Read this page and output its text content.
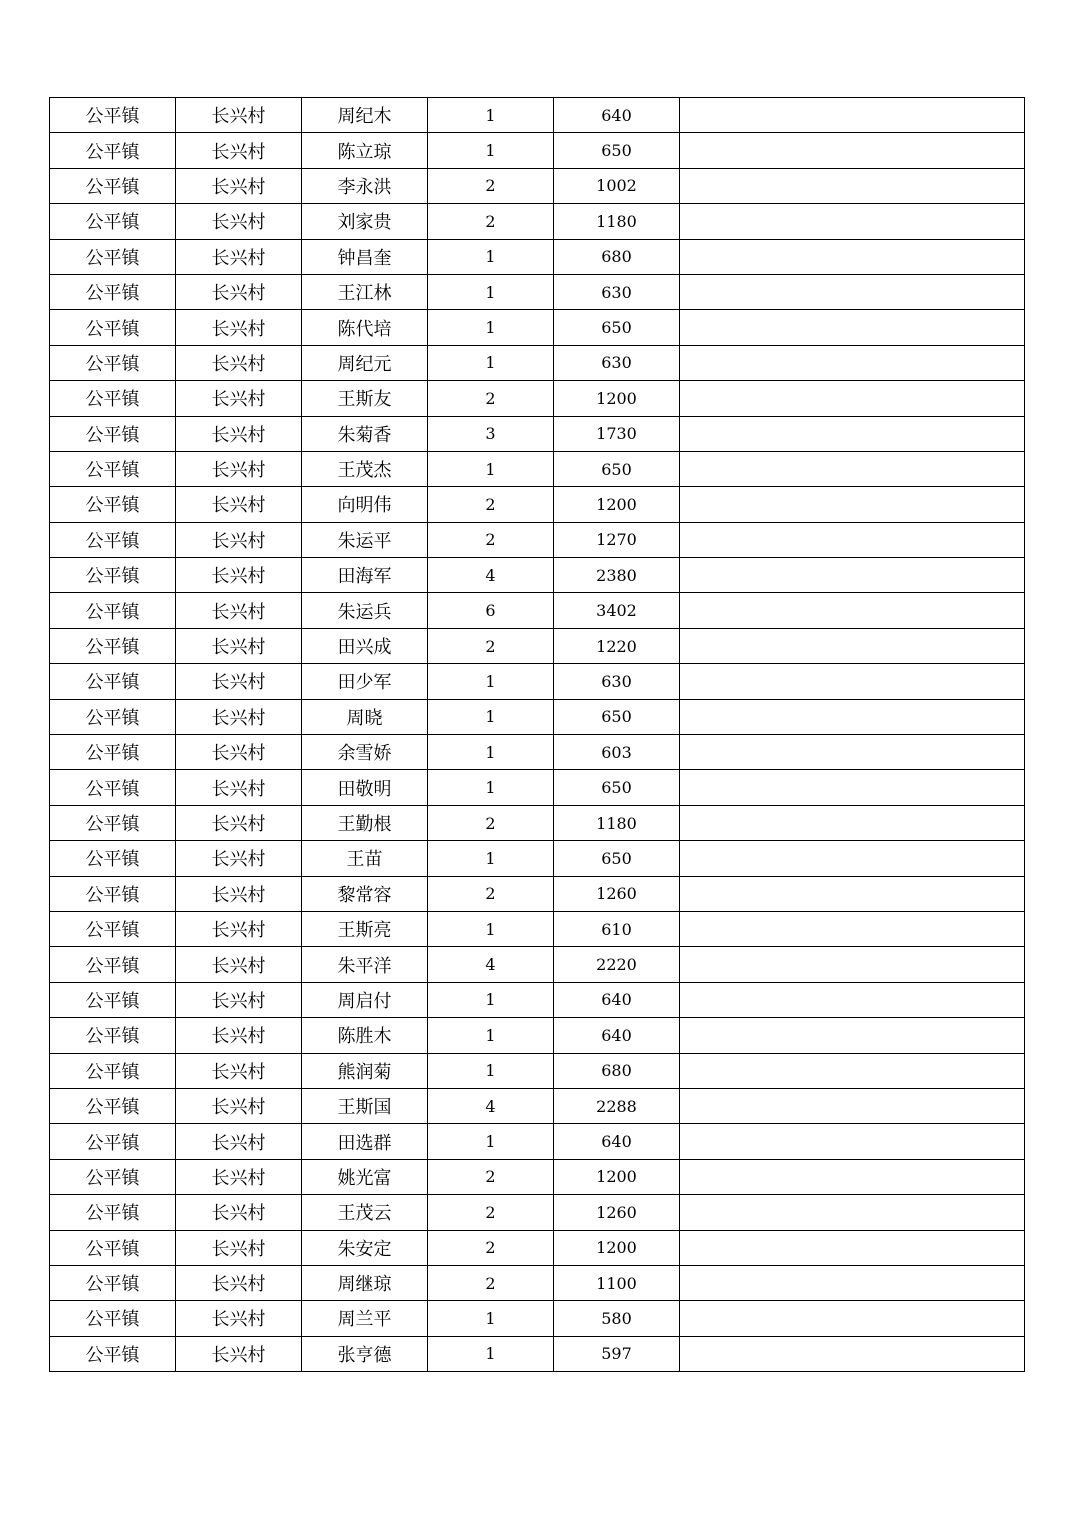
公平镇	长兴村	周纪木	1	640	
公平镇	长兴村	陈立琼	1	650	
公平镇	长兴村	李永洪	2	1002	
公平镇	长兴村	刘家贵	2	1180	
公平镇	长兴村	钟昌奎	1	680	
公平镇	长兴村	王江林	1	630	
公平镇	长兴村	陈代培	1	650	
公平镇	长兴村	周纪元	1	630	
公平镇	长兴村	王斯友	2	1200	
公平镇	长兴村	朱菊香	3	1730	
公平镇	长兴村	王茂杰	1	650	
公平镇	长兴村	向明伟	2	1200	
公平镇	长兴村	朱运平	2	1270	
公平镇	长兴村	田海军	4	2380	
公平镇	长兴村	朱运兵	6	3402	
公平镇	长兴村	田兴成	2	1220	
公平镇	长兴村	田少军	1	630	
公平镇	长兴村	周晓	1	650	
公平镇	长兴村	余雪娇	1	603	
公平镇	长兴村	田敬明	1	650	
公平镇	长兴村	王勤根	2	1180	
公平镇	长兴村	王苗	1	650	
公平镇	长兴村	黎常容	2	1260	
公平镇	长兴村	王斯亮	1	610	
公平镇	长兴村	朱平洋	4	2220	
公平镇	长兴村	周启付	1	640	
公平镇	长兴村	陈胜木	1	640	
公平镇	长兴村	熊润菊	1	680	
公平镇	长兴村	王斯国	4	2288	
公平镇	长兴村	田选群	1	640	
公平镇	长兴村	姚光富	2	1200	
公平镇	长兴村	王茂云	2	1260	
公平镇	长兴村	朱安定	2	1200	
公平镇	长兴村	周继琼	2	1100	
公平镇	长兴村	周兰平	1	580	
公平镇	长兴村	张亨德	1	597	
